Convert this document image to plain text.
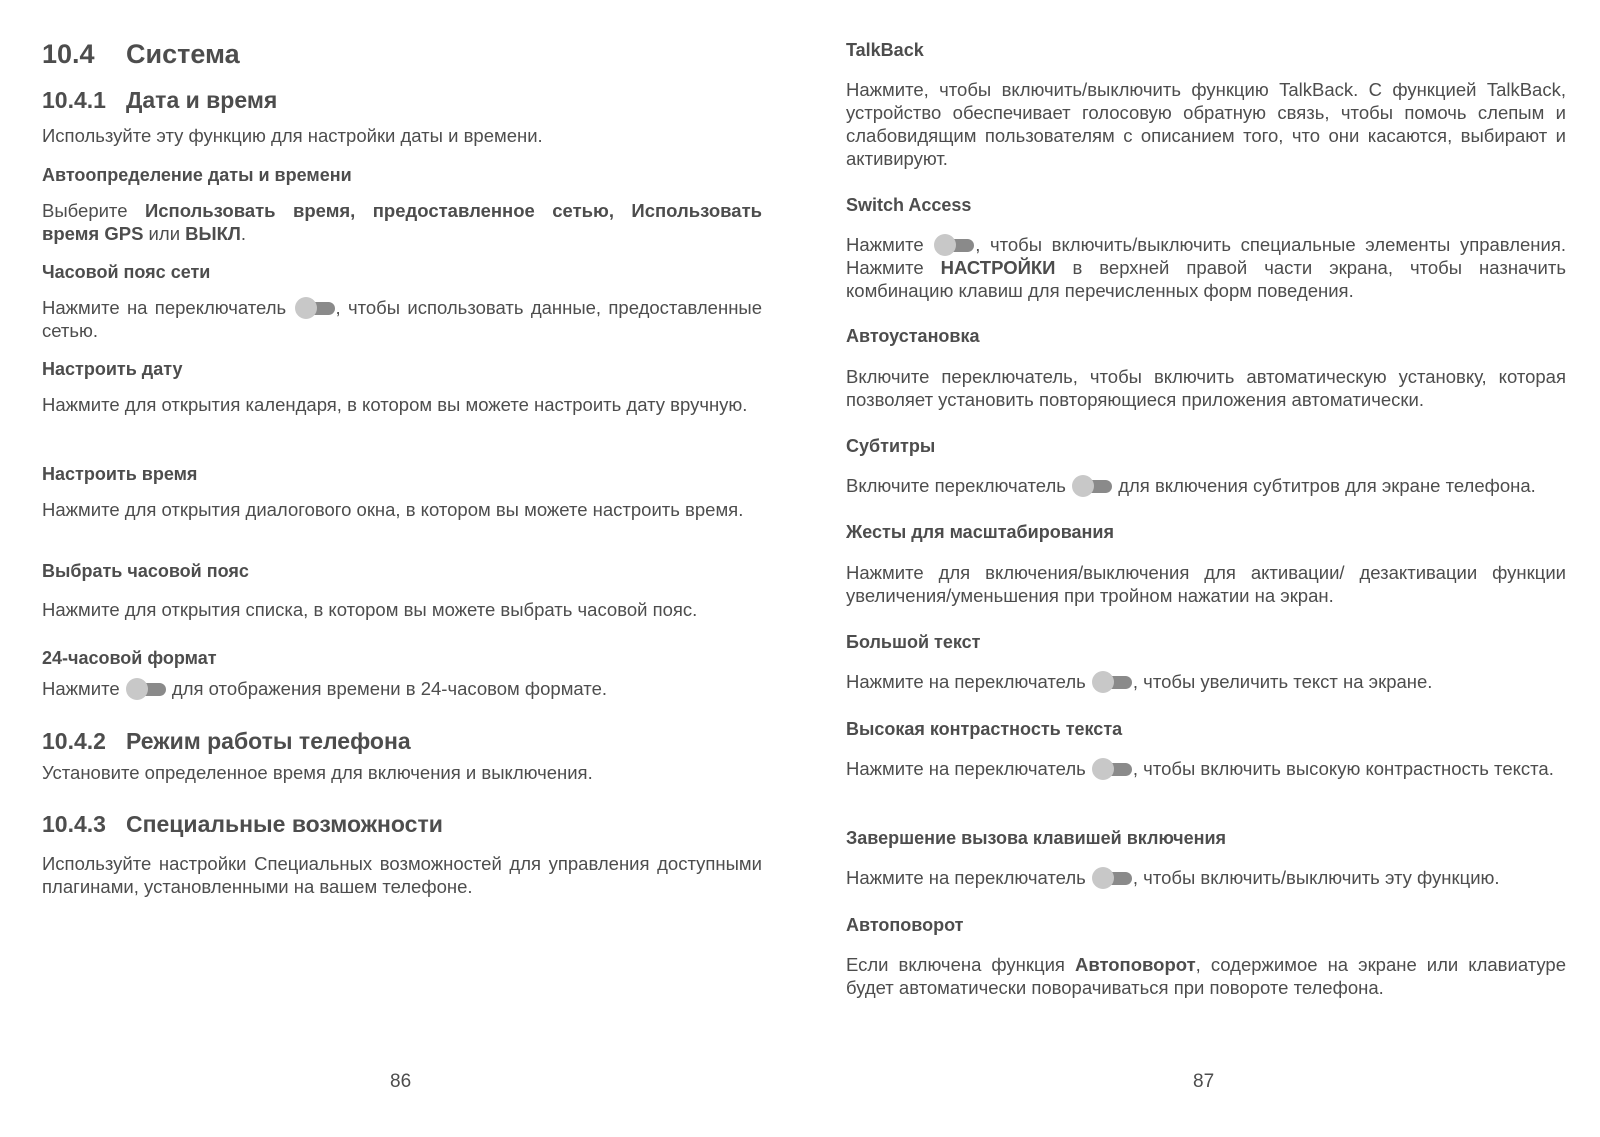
10.4 Система
10.4.1 Дата и время

Используйте эту функцию для настройки даты и времени.

Автоопределение даты и времени

Выберите Использовать время, предоставленное сетью, Использовать время GPS или ВЫКЛ.

Часовой пояс сети

Нажмите на переключатель
, чтобы использовать данные, предоставленные сетью.

Настроить дату

Нажмите для открытия календаря, в котором вы можете настроить дату вручную.

Настроить время

Нажмите для открытия диалогового окна, в котором вы можете настроить время.

Выбрать часовой пояс

Нажмите для открытия списка, в котором вы можете выбрать часовой пояс.

24-часовой формат

Нажмите
для отображения времени в 24-часовом формате.

10.4.2 Режим работы телефона

Установите определенное время для включения и выключения.

10.4.3 Специальные возможности

Используйте настройки Специальных возможностей для управления доступными плагинами, установленными на вашем телефоне.

86
TalkBack

Нажмите, чтобы включить/выключить функцию TalkBack. С функцией TalkBack, устройство обеспечивает голосовую обратную связь, чтобы помочь слепым и слабовидящим пользователям с описанием того, что они касаются, выбирают и активируют.

Switch Access

Нажмите
, чтобы включить/выключить специальные элементы управления. Нажмите НАСТРОЙКИ в верхней правой части экрана, чтобы назначить комбинацию клавиш для перечисленных форм поведения.

Автоустановка

Включите переключатель, чтобы включить автоматическую установку, которая позволяет установить повторяющиеся приложения автоматически.

Субтитры

Включите переключатель
для включения субтитров для экране телефона.

Жесты для масштабирования

Нажмите для включения/выключения для активации/ дезактивации функции увеличения/уменьшения при тройном нажатии на экран.

Большой текст

Нажмите на переключатель
, чтобы увеличить текст на экране.

Высокая контрастность текста

Нажмите на переключатель
, чтобы включить высокую контрастность текста.

Завершение вызова клавишей включения

Нажмите на переключатель
, чтобы включить/выключить эту функцию.

Автоповорот

Если включена функция Автоповорот, содержимое на экране или клавиатуре будет автоматически поворачиваться при повороте телефона.

87
